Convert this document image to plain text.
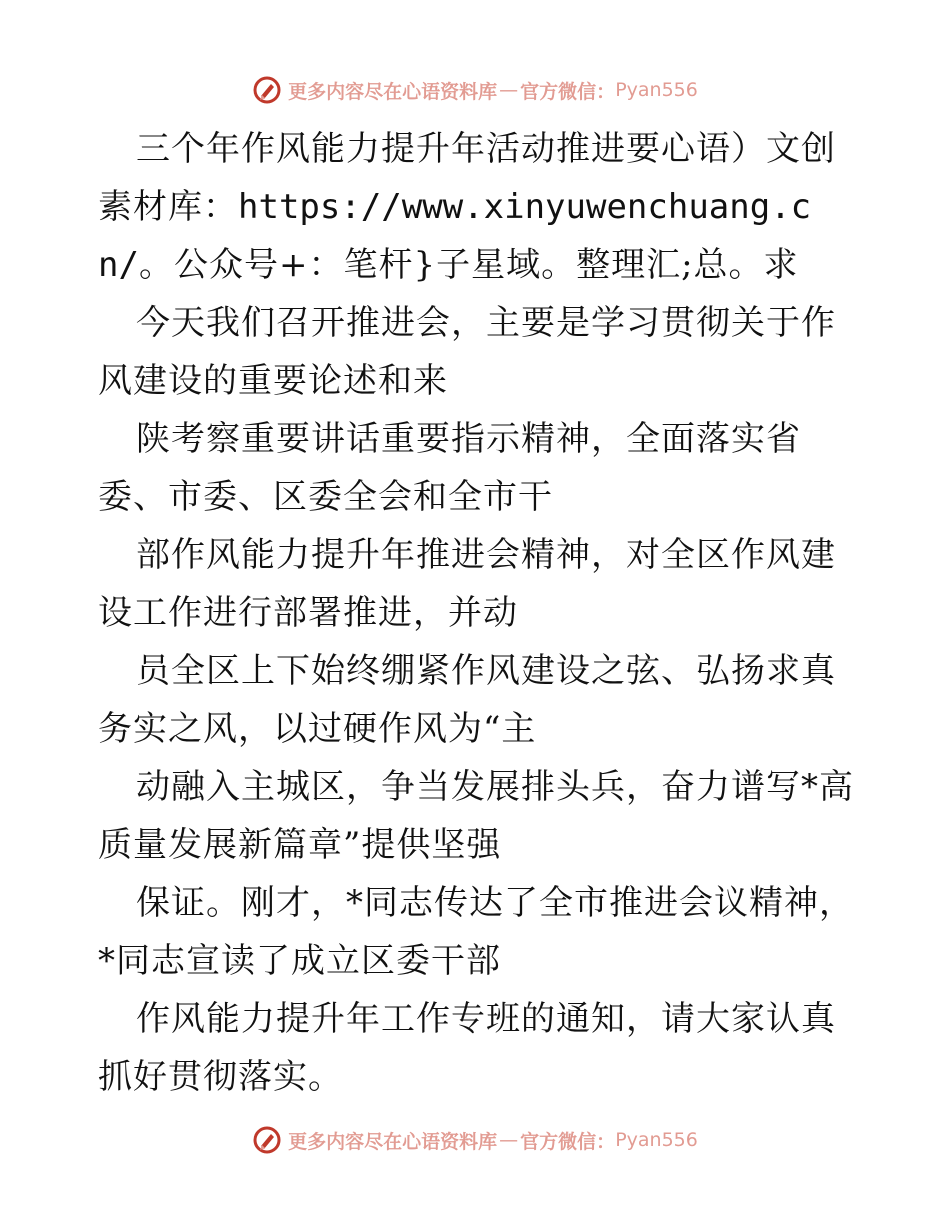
更多内容尽在心语资料库 — 官方微信： Pyan556

三个年作风能力提升年活动推进要心语）文创素材库：https://www.xinyuwenchuang.cn/。公众号+：笔杆}子星域。整理汇;总。求

今天我们召开推进会，主要是学习贯彻关于作风建设的重要论述和来

陕考察重要讲话重要指示精神，全面落实省委、市委、区委全会和全市干

部作风能力提升年推进会精神，对全区作风建设工作进行部署推进，并动

员全区上下始终绷紧作风建设之弦、弘扬求真务实之风，以过硬作风为“主

动融入主城区，争当发展排头兵，奋力谱写*高质量发展新篇章”提供坚强

保证。刚才，*同志传达了全市推进会议精神，*同志宣读了成立区委干部

作风能力提升年工作专班的通知，请大家认真抓好贯彻落实。

更多内容尽在心语资料库 — 官方微信： Pyan556
